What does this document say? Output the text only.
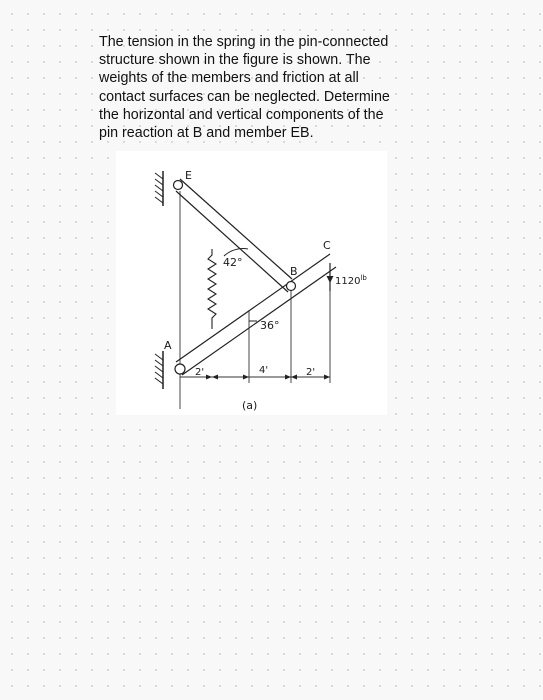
The tension in the spring in the pin-connected
structure shown in the figure is shown. The
weights of the members and friction at all
contact surfaces can be neglected. Determine
the horizontal and vertical components of the
pin reaction at B and member EB.
E
A
B
C
42°
36°
$1120^{lb}$
2'	4'	2'
(a)
